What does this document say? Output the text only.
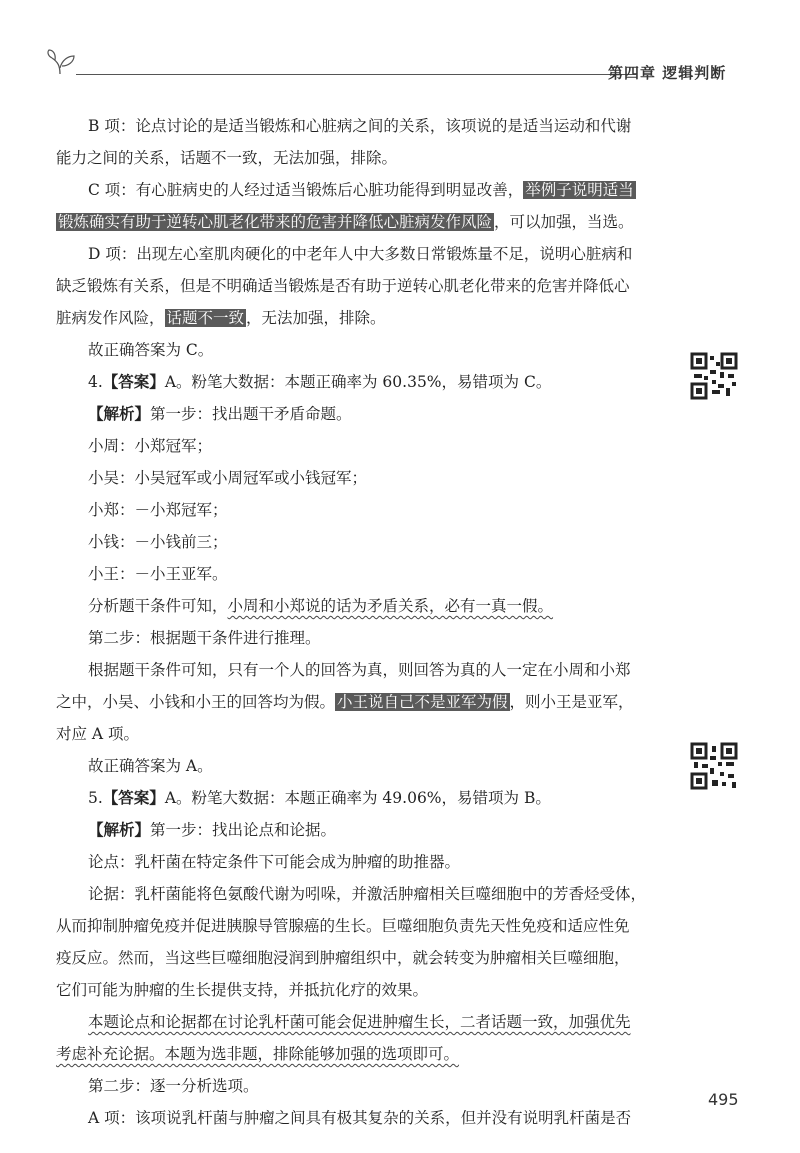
第四章 逻辑判断

B 项：论点讨论的是适当锻炼和心脏病之间的关系，该项说的是适当运动和代谢

能力之间的关系，话题不一致，无法加强，排除。

C 项：有心脏病史的人经过适当锻炼后心脏功能得到明显改善， 举例子说明适当

锻炼确实有助于逆转心肌老化带来的危害并降低心脏病发作风险 ，可以加强，当选。

D 项：出现左心室肌肉硬化的中老年人中大多数日常锻炼量不足，说明心脏病和

缺乏锻炼有关系，但是不明确适当锻炼是否有助于逆转心肌老化带来的危害并降低心

脏病发作风险， 话题不一致 ，无法加强，排除。

故正确答案为 C。

4.【答案】A。粉笔大数据：本题正确率为 60.35%，易错项为 C。

【解析】第一步：找出题干矛盾命题。

小周：小郑冠军；

小吴：小吴冠军或小周冠军或小钱冠军；

小郑：－小郑冠军；

小钱：－小钱前三；

小王：－小王亚军。

分析题干条件可知，小周和小郑说的话为矛盾关系，必有一真一假。

第二步：根据题干条件进行推理。

根据题干条件可知，只有一个人的回答为真，则回答为真的人一定在小周和小郑

之中，小吴、小钱和小王的回答均为假。 小王说自己不是亚军为假 ，则小王是亚军，

对应 A 项。

故正确答案为 A。

5.【答案】A。粉笔大数据：本题正确率为 49.06%，易错项为 B。

【解析】第一步：找出论点和论据。

论点：乳杆菌在特定条件下可能会成为肿瘤的助推器。

论据：乳杆菌能将色氨酸代谢为吲哚，并激活肿瘤相关巨噬细胞中的芳香烃受体，

从而抑制肿瘤免疫并促进胰腺导管腺癌的生长。巨噬细胞负责先天性免疫和适应性免

疫反应。然而，当这些巨噬细胞浸润到肿瘤组织中，就会转变为肿瘤相关巨噬细胞，

它们可能为肿瘤的生长提供支持，并抵抗化疗的效果。

本题论点和论据都在讨论乳杆菌可能会促进肿瘤生长，二者话题一致，加强优先

考虑补充论据。本题为选非题，排除能够加强的选项即可。

第二步：逐一分析选项。

A 项：该项说乳杆菌与肿瘤之间具有极其复杂的关系，但并没有说明乳杆菌是否

495
